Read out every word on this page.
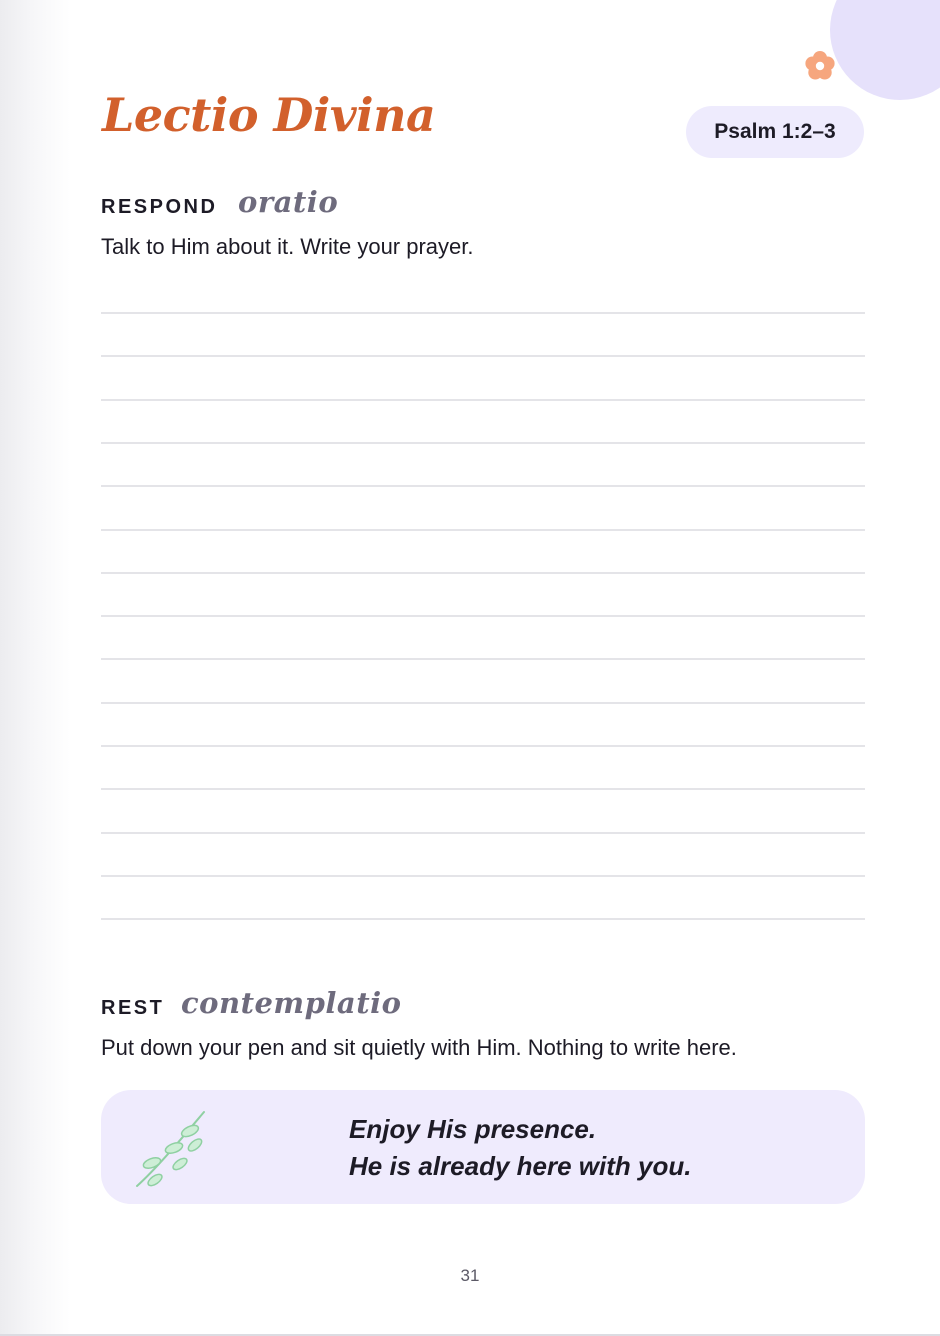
Lectio Divina	Psalm 1:2–3
RESPOND oratio
Talk to Him about it. Write your prayer.
REST contemplatio
Put down your pen and sit quietly with Him. Nothing to write here.
Enjoy His presence.
He is already here with you.
31
